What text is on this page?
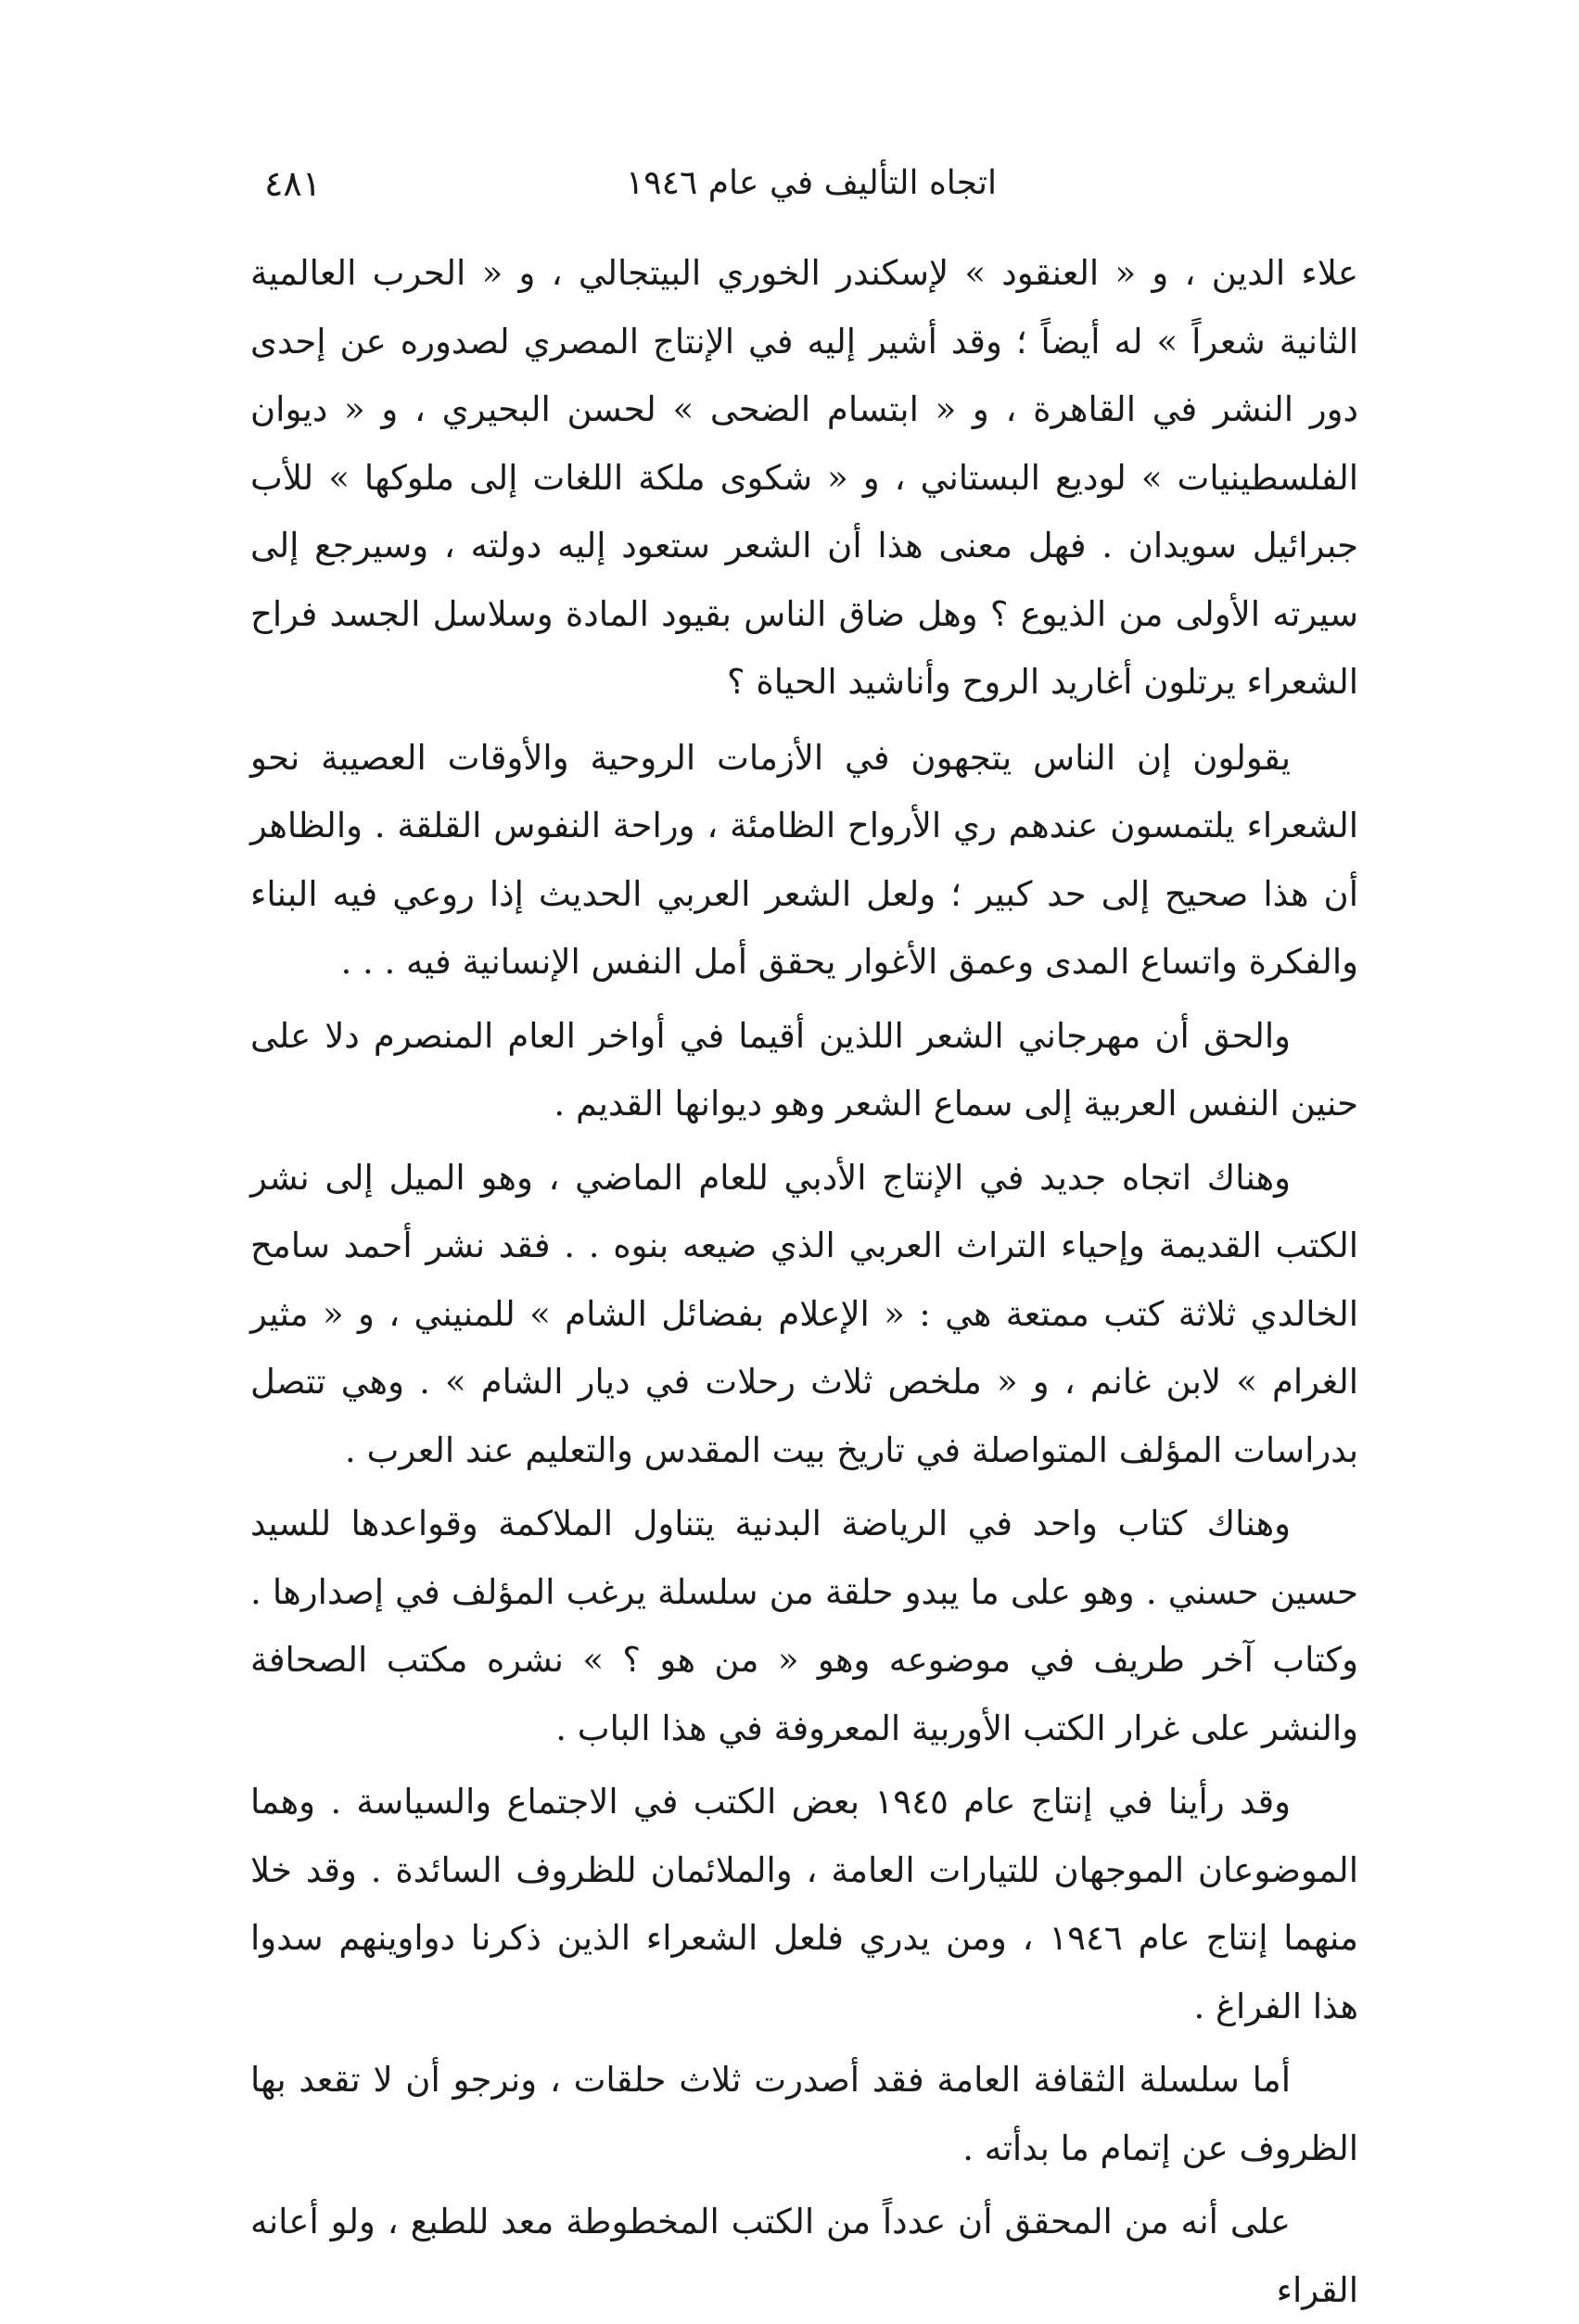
اتجاه التأليف في عام ١٩٤٦
٤٨١

علاء الدين ، و « العنقود » لإسكندر الخوري البيتجالي ، و « الحرب العالمية الثانية شعراً » له أيضاً ؛ وقد أشير إليه في الإنتاج المصري لصدوره عن إحدى دور النشر في القاهرة ، و « ابتسام الضحى » لحسن البحيري ، و « ديوان الفلسطينيات » لوديع البستاني ، و « شكوى ملكة اللغات إلى ملوكها » للأب جبرائيل سويدان . فهل معنى هذا أن الشعر ستعود إليه دولته ، وسيرجع إلى سيرته الأولى من الذيوع ؟ وهل ضاق الناس بقيود المادة وسلاسل الجسد فراح الشعراء يرتلون أغاريد الروح وأناشيد الحياة ؟

يقولون إن الناس يتجهون في الأزمات الروحية والأوقات العصيبة نحو الشعراء يلتمسون عندهم ري الأرواح الظامئة ، وراحة النفوس القلقة . والظاهر أن هذا صحيح إلى حد كبير ؛ ولعل الشعر العربي الحديث إذا روعي فيه البناء والفكرة واتساع المدى وعمق الأغوار يحقق أمل النفس الإنسانية فيه . . .

والحق أن مهرجاني الشعر اللذين أقيما في أواخر العام المنصرم دلا على حنين النفس العربية إلى سماع الشعر وهو ديوانها القديم .

وهناك اتجاه جديد في الإنتاج الأدبي للعام الماضي ، وهو الميل إلى نشر الكتب القديمة وإحياء التراث العربي الذي ضيعه بنوه . . فقد نشر أحمد سامح الخالدي ثلاثة كتب ممتعة هي : « الإعلام بفضائل الشام » للمنيني ، و « مثير الغرام » لابن غانم ، و « ملخص ثلاث رحلات في ديار الشام » . وهي تتصل بدراسات المؤلف المتواصلة في تاريخ بيت المقدس والتعليم عند العرب .

وهناك كتاب واحد في الرياضة البدنية يتناول الملاكمة وقواعدها للسيد حسين حسني . وهو على ما يبدو حلقة من سلسلة يرغب المؤلف في إصدارها . وكتاب آخر طريف في موضوعه وهو « من هو ؟ » نشره مكتب الصحافة والنشر على غرار الكتب الأوربية المعروفة في هذا الباب .

وقد رأينا في إنتاج عام ١٩٤٥ بعض الكتب في الاجتماع والسياسة . وهما الموضوعان الموجهان للتيارات العامة ، والملائمان للظروف السائدة . وقد خلا منهما إنتاج عام ١٩٤٦ ، ومن يدري فلعل الشعراء الذين ذكرنا دواوينهم سدوا هذا الفراغ .

أما سلسلة الثقافة العامة فقد أصدرت ثلاث حلقات ، ونرجو أن لا تقعد بها الظروف عن إتمام ما بدأته .

على أنه من المحقق أن عدداً من الكتب المخطوطة معد للطبع ، ولو أعانه القراء
